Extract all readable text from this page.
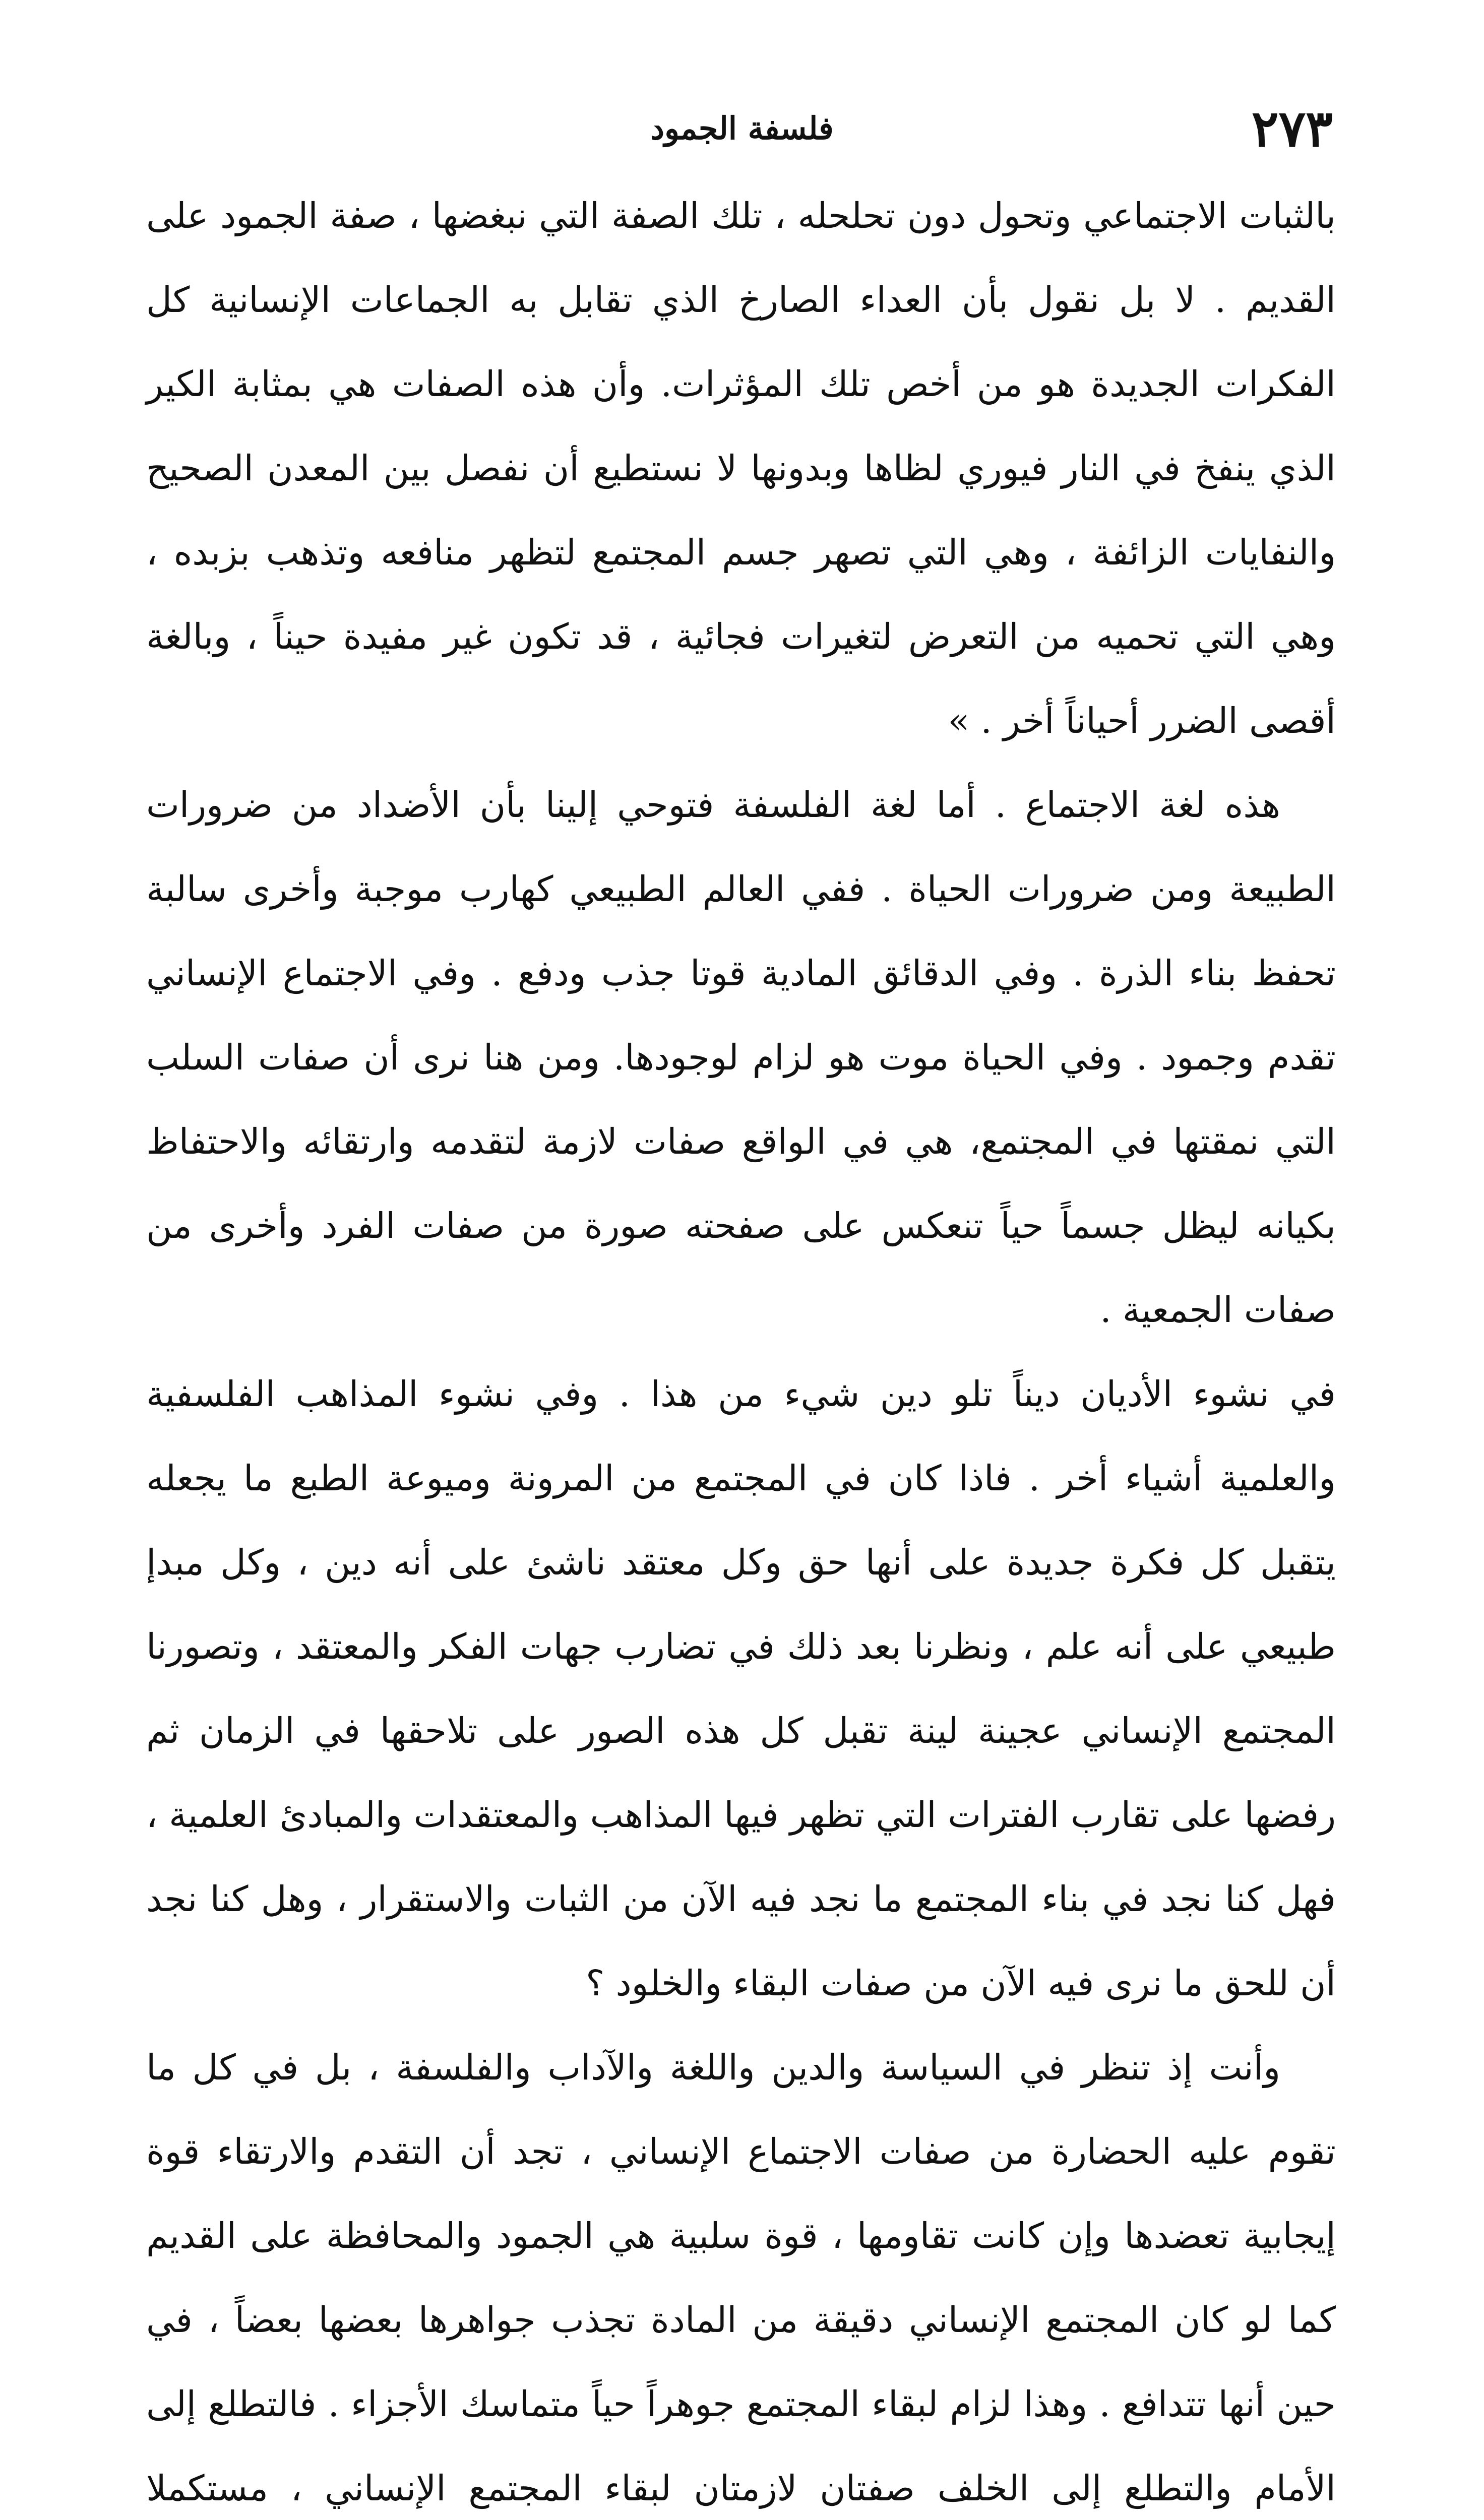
٢٧٣
فلسفة الجمود

بالثبات الاجتماعي وتحول دون تحلحله ، تلك الصفة التي نبغضها ، صفة الجمود على القديم . لا بل نقول بأن العداء الصارخ الذي تقابل به الجماعات الإنسانية كل الفكرات الجديدة هو من أخص تلك المؤثرات. وأن هذه الصفات هي بمثابة الكير الذي ينفخ في النار فيوري لظاها وبدونها لا نستطيع أن نفصل بين المعدن الصحيح والنفايات الزائفة ، وهي التي تصهر جسم المجتمع لتظهر منافعه وتذهب بزبده ، وهي التي تحميه من التعرض لتغيرات فجائية ، قد تكون غير مفيدة حيناً ، وبالغة أقصى الضرر أحياناً أخر . »

هذه لغة الاجتماع . أما لغة الفلسفة فتوحي إلينا بأن الأضداد من ضرورات الطبيعة ومن ضرورات الحياة . ففي العالم الطبيعي كهارب موجبة وأخرى سالبة تحفظ بناء الذرة . وفي الدقائق المادية قوتا جذب ودفع . وفي الاجتماع الإنساني تقدم وجمود . وفي الحياة موت هو لزام لوجودها. ومن هنا نرى أن صفات السلب التي نمقتها في المجتمع، هي في الواقع صفات لازمة لتقدمه وارتقائه والاحتفاظ بكيانه ليظل جسماً حياً تنعكس على صفحته صورة من صفات الفرد وأخرى من صفات الجمعية .

في نشوء الأديان ديناً تلو دين شيء من هذا . وفي نشوء المذاهب الفلسفية والعلمية أشياء أخر . فاذا كان في المجتمع من المرونة وميوعة الطبع ما يجعله يتقبل كل فكرة جديدة على أنها حق وكل معتقد ناشئ على أنه دين ، وكل مبدإ طبيعي على أنه علم ، ونظرنا بعد ذلك في تضارب جهات الفكر والمعتقد ، وتصورنا المجتمع الإنساني عجينة لينة تقبل كل هذه الصور على تلاحقها في الزمان ثم رفضها على تقارب الفترات التي تظهر فيها المذاهب والمعتقدات والمبادئ العلمية ، فهل كنا نجد في بناء المجتمع ما نجد فيه الآن من الثبات والاستقرار ، وهل كنا نجد أن للحق ما نرى فيه الآن من صفات البقاء والخلود ؟

وأنت إذ تنظر في السياسة والدين واللغة والآداب والفلسفة ، بل في كل ما تقوم عليه الحضارة من صفات الاجتماع الإنساني ، تجد أن التقدم والارتقاء قوة إيجابية تعضدها وإن كانت تقاومها ، قوة سلبية هي الجمود والمحافظة على القديم كما لو كان المجتمع الإنساني دقيقة من المادة تجذب جواهرها بعضها بعضاً ، في حين أنها تتدافع . وهذا لزام لبقاء المجتمع جوهراً حياً متماسك الأجزاء . فالتطلع إلى الأمام والتطلع إلى الخلف صفتان لازمتان لبقاء المجتمع الإنساني ، مستكملا
